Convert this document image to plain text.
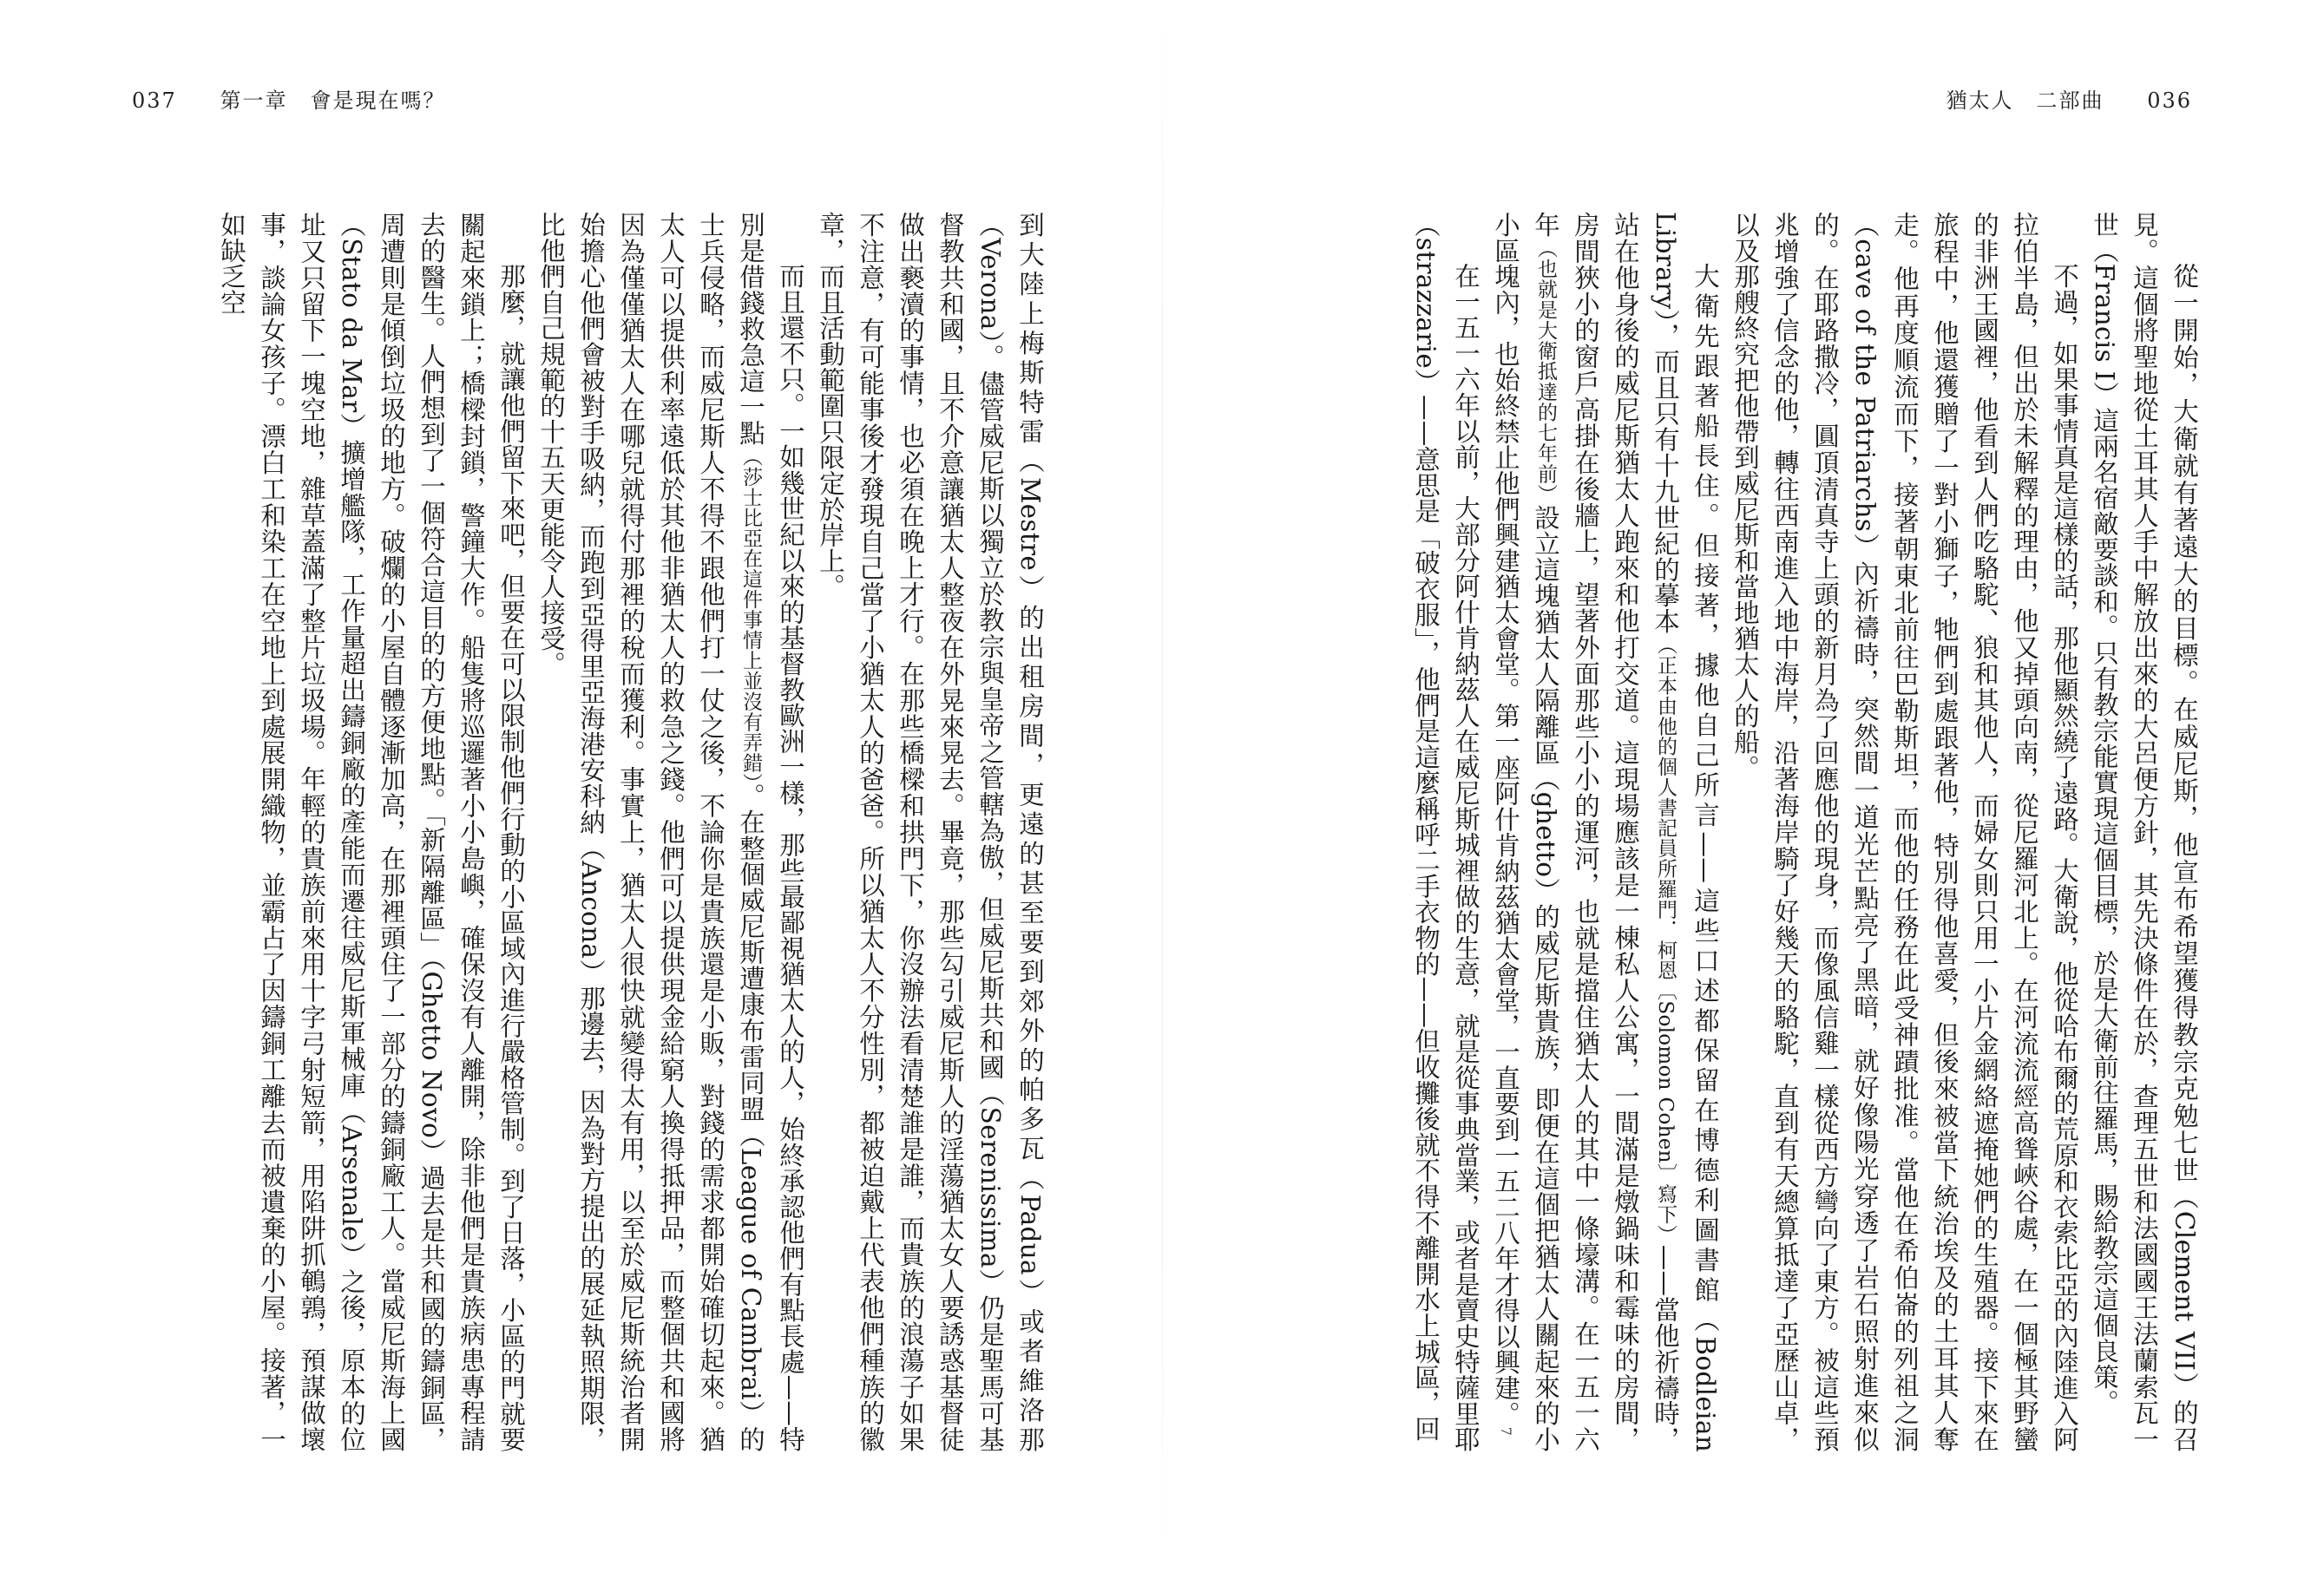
037 第一章　會是現在嗎？

到大陸上梅斯特雷（Mestre）的出租房間，更遠的甚至要到郊外的帕多瓦（Padua）或者維洛那（Verona）。儘管威尼斯以獨立於教宗與皇帝之管轄為傲，但威尼斯共和國（Serenissima）仍是聖馬可基督教共和國，且不介意讓猶太人整夜在外晃來晃去。畢竟，那些勾引威尼斯人的淫蕩猶太女人要誘惑基督徒做出褻瀆的事情，也必須在晚上才行。在那些橋樑和拱門下，你沒辦法看清楚誰是誰，而貴族的浪蕩子如果不注意，有可能事後才發現自己當了小猶太人的爸爸。所以猶太人不分性別，都被迫戴上代表他們種族的徽章，而且活動範圍只限定於岸上。

而且還不只。一如幾世紀以來的基督教歐洲一樣，那些最鄙視猶太人的人，始終承認他們有點長處——特別是借錢救急這一點（莎士比亞在這件事情上並沒有弄錯）。在整個威尼斯遭康布雷同盟（League of Cambrai）的士兵侵略，而威尼斯人不得不跟他們打一仗之後，不論你是貴族還是小販，對錢的需求都開始確切起來。猶太人可以提供利率遠低於其他非猶太人的救急之錢。他們可以提供現金給窮人換得抵押品，而整個共和國將因為僅僅猶太人在哪兒就得付那裡的稅而獲利。事實上，猶太人很快就變得太有用，以至於威尼斯統治者開始擔心他們會被對手吸納，而跑到亞得里亞海港安科納（Ancona）那邊去，因為對方提出的展延執照期限，比他們自己規範的十五天更能令人接受。

那麼，就讓他們留下來吧，但要在可以限制他們行動的小區域內進行嚴格管制。到了日落，小區的門就要關起來鎖上；橋樑封鎖，警鐘大作。船隻將巡邏著小小島嶼，確保沒有人離開，除非他們是貴族病患專程請去的醫生。人們想到了一個符合這目的的方便地點。「新隔離區」（Ghetto Novo）過去是共和國的鑄銅區，周遭則是傾倒垃圾的地方。破爛的小屋自體逐漸加高，在那裡頭住了一部分的鑄銅廠工人。當威尼斯海上國（Stato da Mar）擴增艦隊，工作量超出鑄銅廠的產能而遷往威尼斯軍械庫（Arsenale）之後，原本的位址又只留下一塊空地，雜草蓋滿了整片垃圾場。年輕的貴族前來用十字弓射短箭，用陷阱抓鵪鶉，預謀做壞事，談論女孩子。漂白工和染工在空地上到處展開織物，並霸占了因鑄銅工離去而被遺棄的小屋。接著，一如缺乏空

猶太人　二部曲 036

從一開始，大衛就有著遠大的目標。在威尼斯，他宣布希望獲得教宗克勉七世（Clement VII）的召見。這個將聖地從土耳其人手中解放出來的大呂便方針，其先決條件在於，查理五世和法國國王法蘭索瓦一世（Francis I）這兩名宿敵要談和。只有教宗能實現這個目標，於是大衛前往羅馬，賜給教宗這個良策。

不過，如果事情真是這樣的話，那他顯然繞了遠路。大衛說，他從哈布爾的荒原和衣索比亞的內陸進入阿拉伯半島，但出於未解釋的理由，他又掉頭向南，從尼羅河北上。在河流流經高聳峽谷處，在一個極其野蠻的非洲王國裡，他看到人們吃駱駝、狼和其他人，而婦女則只用一小片金網絡遮掩她們的生殖器。接下來在旅程中，他還獲贈了一對小獅子，牠們到處跟著他，特別得他喜愛，但後來被當下統治埃及的土耳其人奪走。他再度順流而下，接著朝東北前往巴勒斯坦，而他的任務在此受神蹟批准。當他在希伯崙的列祖之洞（cave of the Patriarchs）內祈禱時，突然間一道光芒點亮了黑暗，就好像陽光穿透了岩石照射進來似的。在耶路撒冷，圓頂清真寺上頭的新月為了回應他的現身，而像風信雞一樣從西方彎向了東方。被這些預兆增強了信念的他，轉往西南進入地中海岸，沿著海岸騎了好幾天的駱駝，直到有天總算抵達了亞歷山卓，以及那艘終究把他帶到威尼斯和當地猶太人的船。

大衛先跟著船長住。但接著，據他自己所言——這些口述都保留在博德利圖書館（Bodleian Library），而且只有十九世紀的摹本（正本由他的個人書記員所羅門．柯恩〔Solomon Cohen〕寫下）——當他祈禱時，站在他身後的威尼斯猶太人跑來和他打交道。這現場應該是一棟私人公寓，一間滿是燉鍋味和霉味的房間，房間狹小的窗戶高掛在後牆上，望著外面那些小小的運河，也就是擋住猶太人的其中一條壕溝。在一五一六年（也就是大衛抵達的七年前）設立這塊猶太人隔離區（ghetto）的威尼斯貴族，即便在這個把猶太人關起來的小小區塊內，也始終禁止他們興建猶太會堂。第一座阿什肯納茲猶太會堂，一直要到一五二八年才得以興建。7

在一五一六年以前，大部分阿什肯納茲人在威尼斯城裡做的生意，就是從事典當業，或者是賣史特薩里耶（strazzarie）——意思是「破衣服」，他們是這麼稱呼二手衣物的——但收攤後就不得不離開水上城區，回
